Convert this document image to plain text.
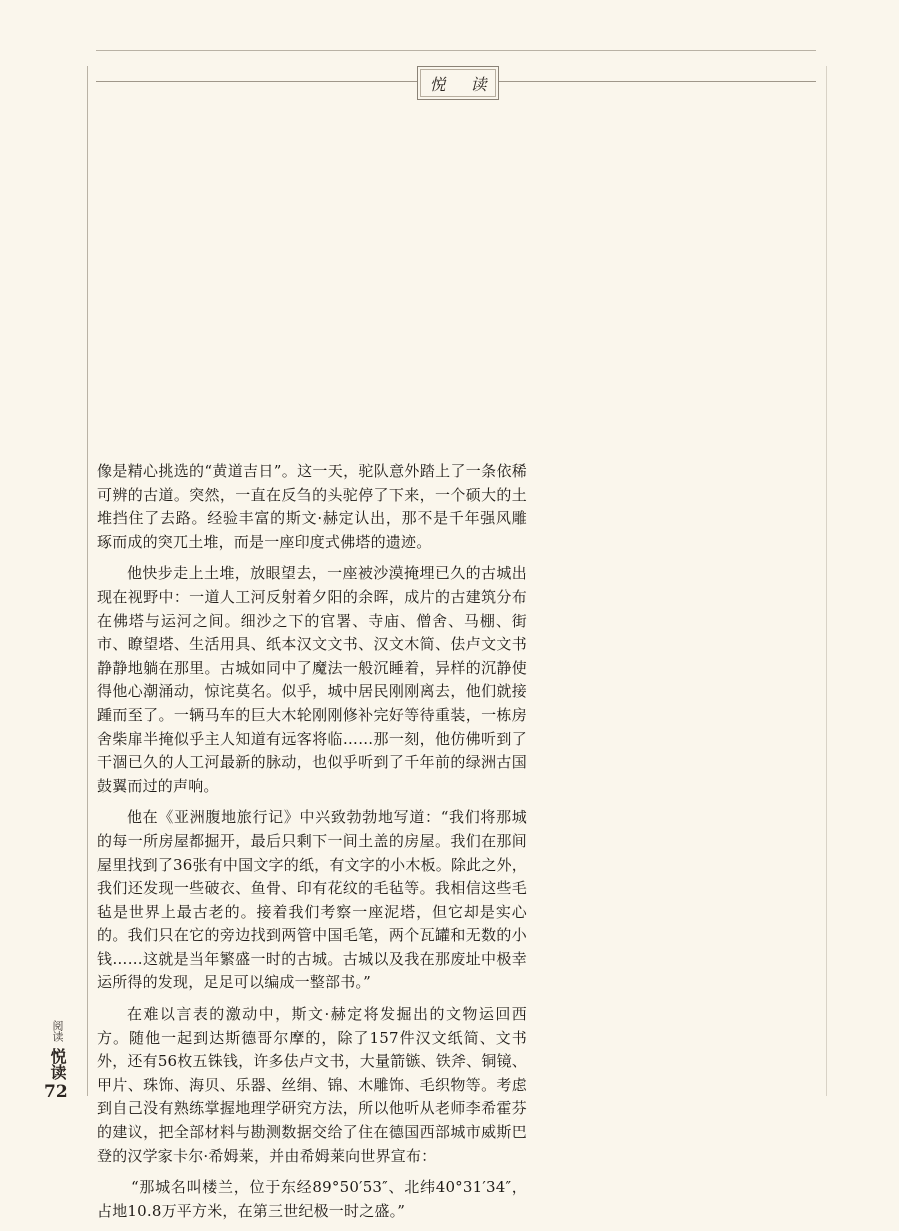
悦 读

像是精心挑选的“黄道吉日”。这一天，驼队意外踏上了一条依稀可辨的古道。突然，一直在反刍的头驼停了下来，一个硕大的土堆挡住了去路。经验丰富的斯文·赫定认出，那不是千年强风雕琢而成的突兀土堆，而是一座印度式佛塔的遗迹。

他快步走上土堆，放眼望去，一座被沙漠掩埋已久的古城出现在视野中：一道人工河反射着夕阳的余晖，成片的古建筑分布在佛塔与运河之间。细沙之下的官署、寺庙、僧舍、马棚、街市、瞭望塔、生活用具、纸本汉文文书、汉文木简、佉卢文文书静静地躺在那里。古城如同中了魔法一般沉睡着，异样的沉静使得他心潮涌动，惊诧莫名。似乎，城中居民刚刚离去，他们就接踵而至了。一辆马车的巨大木轮刚刚修补完好等待重装，一栋房舍柴扉半掩似乎主人知道有远客将临……那一刻，他仿佛听到了干涸已久的人工河最新的脉动，也似乎听到了千年前的绿洲古国鼓翼而过的声响。

他在《亚洲腹地旅行记》中兴致勃勃地写道：“我们将那城的每一所房屋都掘开，最后只剩下一间土盖的房屋。我们在那间屋里找到了36张有中国文字的纸，有文字的小木板。除此之外，我们还发现一些破衣、鱼骨、印有花纹的毛毡等。我相信这些毛毡是世界上最古老的。接着我们考察一座泥塔，但它却是实心的。我们只在它的旁边找到两管中国毛笔，两个瓦罐和无数的小钱……这就是当年繁盛一时的古城。古城以及我在那废址中极幸运所得的发现，足足可以编成一整部书。”

在难以言表的激动中，斯文·赫定将发掘出的文物运回西方。随他一起到达斯德哥尔摩的，除了157件汉文纸简、文书外，还有56枚五铢钱，许多佉卢文书，大量箭镞、铁斧、铜镜、甲片、珠饰、海贝、乐器、丝绢、锦、木雕饰、毛织物等。考虑到自己没有熟练掌握地理学研究方法，所以他听从老师李希霍芬的建议，把全部材料与勘测数据交给了住在德国西部城市威斯巴登的汉学家卡尔·希姆莱，并由希姆莱向世界宣布：

“那城名叫楼兰，位于东经89°50′53″、北纬40°31′34″，占地10.8万平方米，在第三世纪极一时之盛。”

阅读
悦读
72
